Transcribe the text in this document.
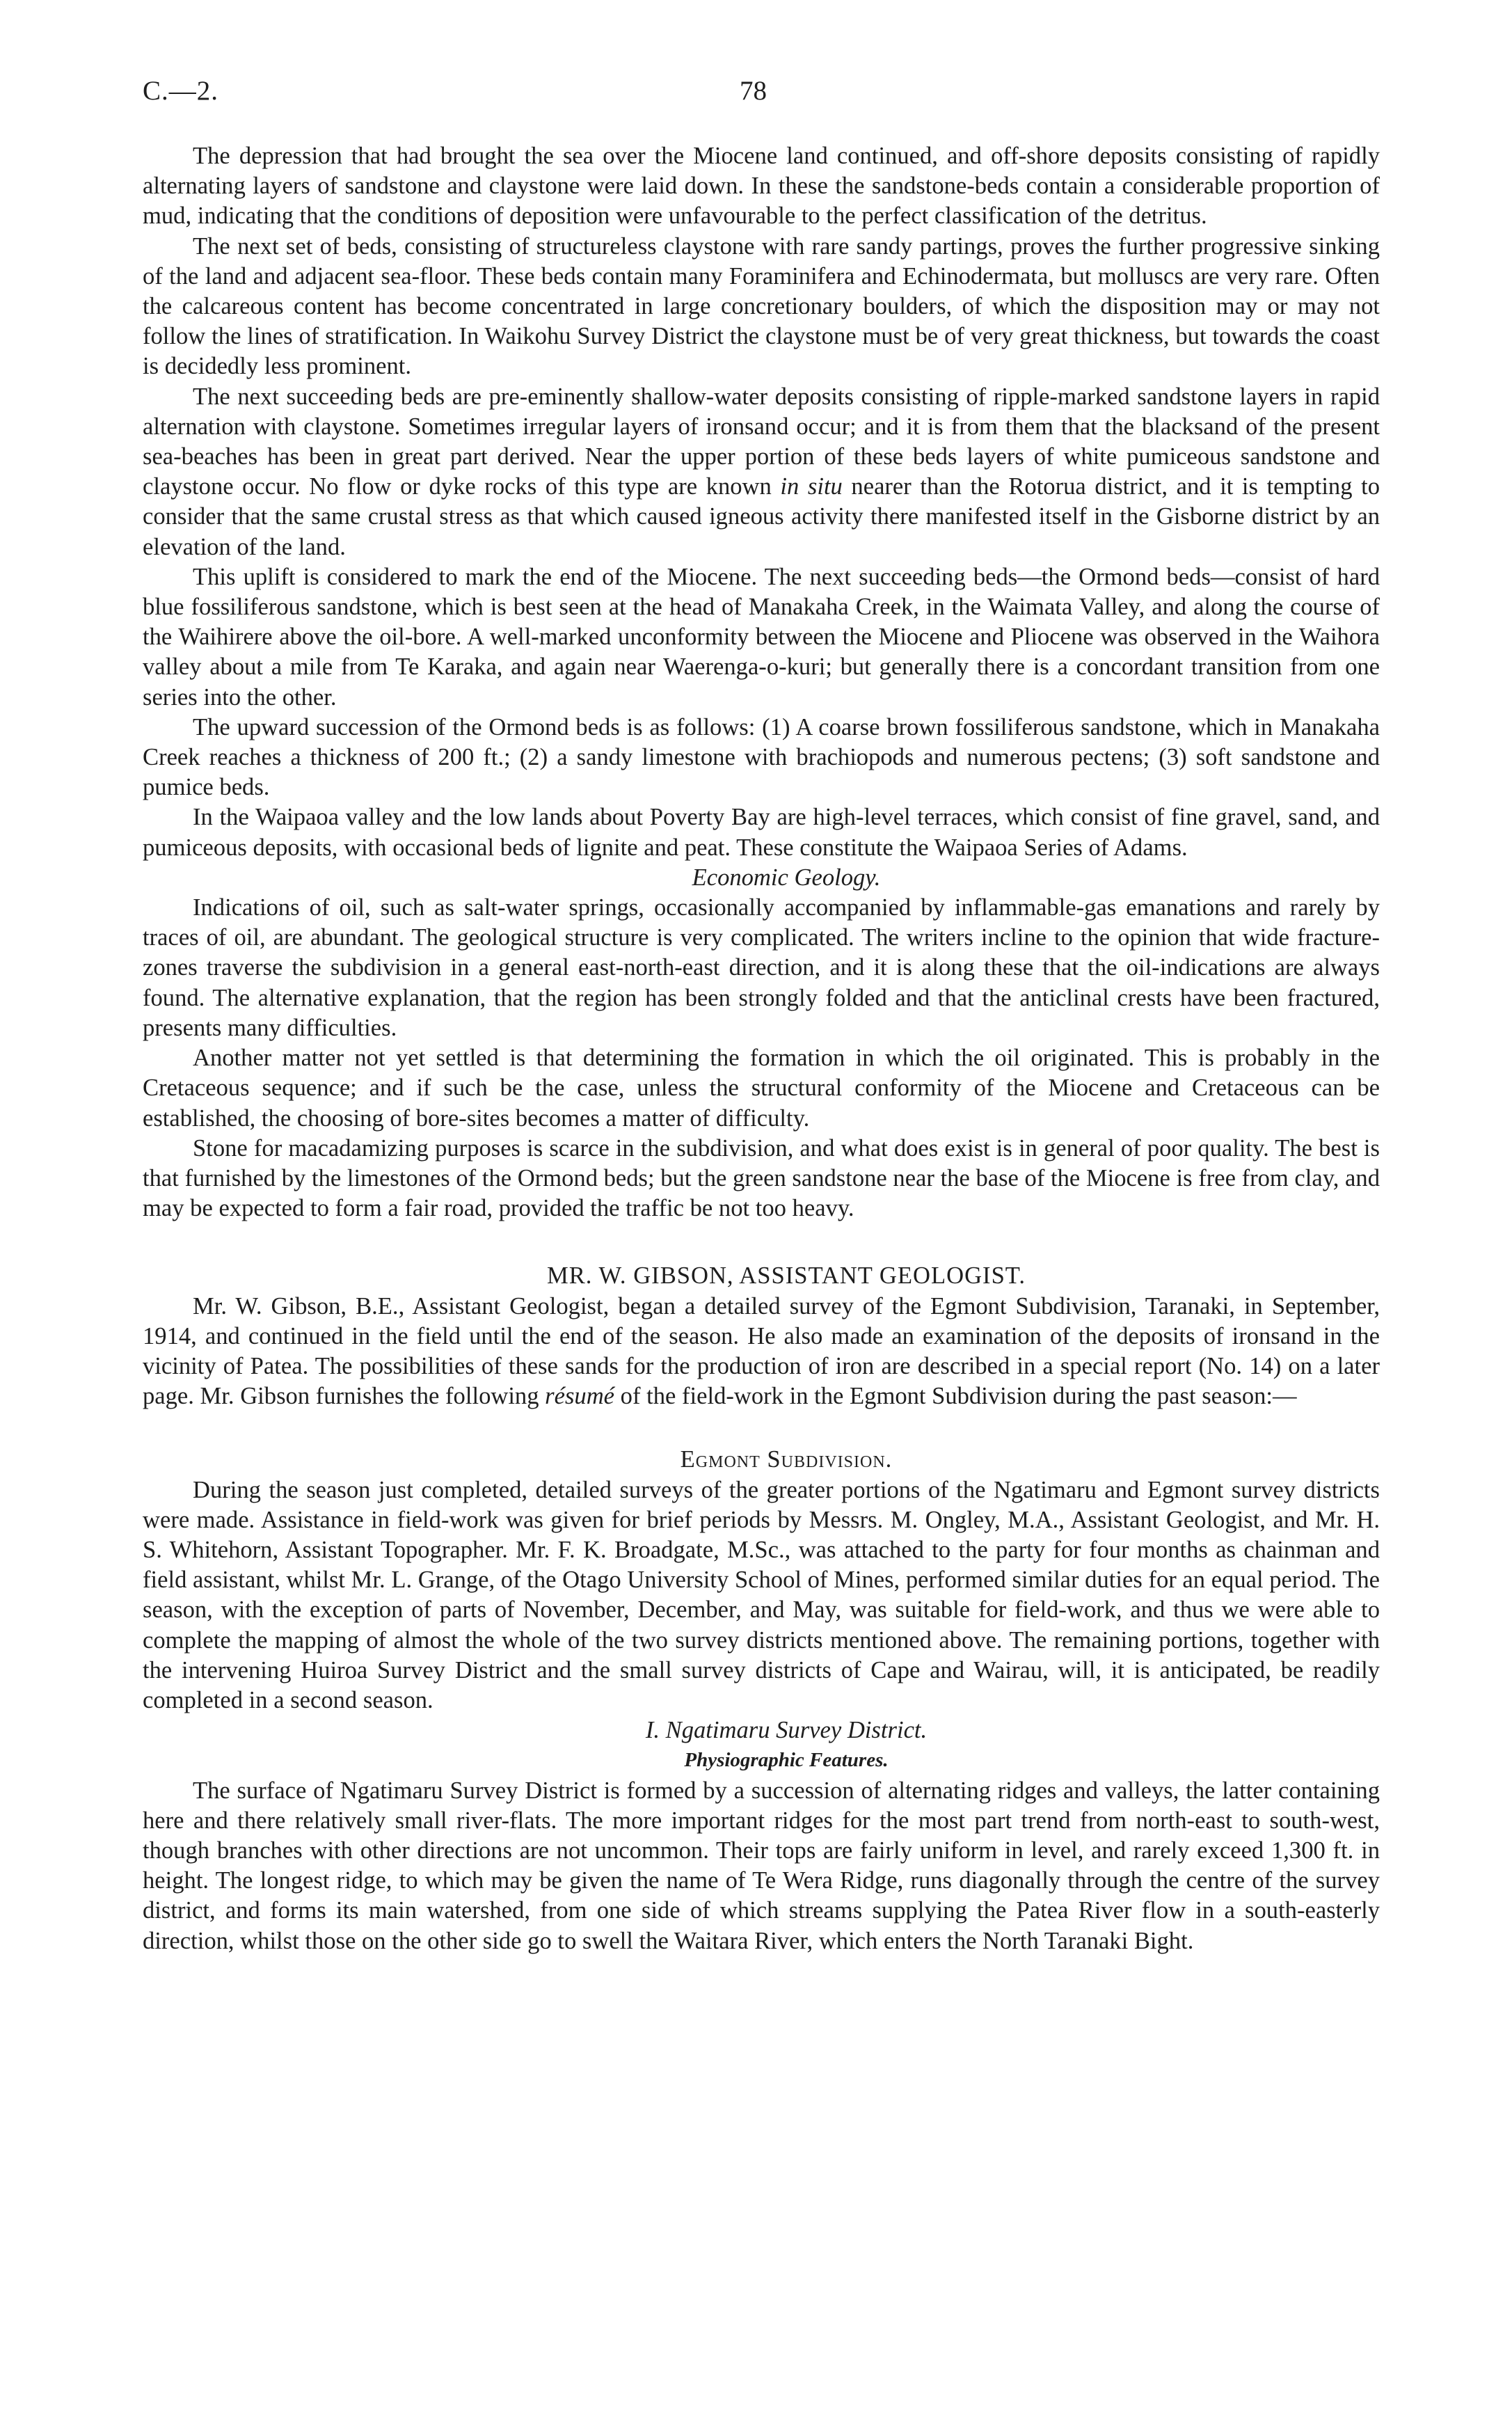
C.—2.	78

The depression that had brought the sea over the Miocene land continued, and off-shore deposits consisting of rapidly alternating layers of sandstone and claystone were laid down. In these the sandstone-beds contain a considerable proportion of mud, indicating that the conditions of deposition were unfavourable to the perfect classification of the detritus.

The next set of beds, consisting of structureless claystone with rare sandy partings, proves the further progressive sinking of the land and adjacent sea-floor. These beds contain many Foraminifera and Echinodermata, but molluscs are very rare. Often the calcareous content has become concentrated in large concretionary boulders, of which the disposition may or may not follow the lines of stratification. In Waikohu Survey District the claystone must be of very great thickness, but towards the coast is decidedly less prominent.

The next succeeding beds are pre-eminently shallow-water deposits consisting of ripple-marked sandstone layers in rapid alternation with claystone. Sometimes irregular layers of ironsand occur; and it is from them that the blacksand of the present sea-beaches has been in great part derived. Near the upper portion of these beds layers of white pumiceous sandstone and claystone occur. No flow or dyke rocks of this type are known in situ nearer than the Rotorua district, and it is tempting to consider that the same crustal stress as that which caused igneous activity there manifested itself in the Gisborne district by an elevation of the land.

This uplift is considered to mark the end of the Miocene. The next succeeding beds—the Ormond beds—consist of hard blue fossiliferous sandstone, which is best seen at the head of Manakaha Creek, in the Waimata Valley, and along the course of the Waihirere above the oil-bore. A well-marked unconformity between the Miocene and Pliocene was observed in the Waihora valley about a mile from Te Karaka, and again near Waerenga-o-kuri; but generally there is a concordant transition from one series into the other.

The upward succession of the Ormond beds is as follows: (1) A coarse brown fossiliferous sandstone, which in Manakaha Creek reaches a thickness of 200 ft.; (2) a sandy limestone with brachiopods and numerous pectens; (3) soft sandstone and pumice beds.

In the Waipaoa valley and the low lands about Poverty Bay are high-level terraces, which consist of fine gravel, sand, and pumiceous deposits, with occasional beds of lignite and peat. These constitute the Waipaoa Series of Adams.

Economic Geology.

Indications of oil, such as salt-water springs, occasionally accompanied by inflammable-gas emanations and rarely by traces of oil, are abundant. The geological structure is very complicated. The writers incline to the opinion that wide fracture-zones traverse the subdivision in a general east-north-east direction, and it is along these that the oil-indications are always found. The alternative explanation, that the region has been strongly folded and that the anticlinal crests have been fractured, presents many difficulties.

Another matter not yet settled is that determining the formation in which the oil originated. This is probably in the Cretaceous sequence; and if such be the case, unless the structural conformity of the Miocene and Cretaceous can be established, the choosing of bore-sites becomes a matter of difficulty.

Stone for macadamizing purposes is scarce in the subdivision, and what does exist is in general of poor quality. The best is that furnished by the limestones of the Ormond beds; but the green sandstone near the base of the Miocene is free from clay, and may be expected to form a fair road, provided the traffic be not too heavy.

MR. W. GIBSON, ASSISTANT GEOLOGIST.

Mr. W. Gibson, B.E., Assistant Geologist, began a detailed survey of the Egmont Subdivision, Taranaki, in September, 1914, and continued in the field until the end of the season. He also made an examination of the deposits of ironsand in the vicinity of Patea. The possibilities of these sands for the production of iron are described in a special report (No. 14) on a later page. Mr. Gibson furnishes the following résumé of the field-work in the Egmont Subdivision during the past season:—

Egmont Subdivision.

During the season just completed, detailed surveys of the greater portions of the Ngatimaru and Egmont survey districts were made. Assistance in field-work was given for brief periods by Messrs. M. Ongley, M.A., Assistant Geologist, and Mr. H. S. Whitehorn, Assistant Topographer. Mr. F. K. Broadgate, M.Sc., was attached to the party for four months as chainman and field assistant, whilst Mr. L. Grange, of the Otago University School of Mines, performed similar duties for an equal period. The season, with the exception of parts of November, December, and May, was suitable for field-work, and thus we were able to complete the mapping of almost the whole of the two survey districts mentioned above. The remaining portions, together with the intervening Huiroa Survey District and the small survey districts of Cape and Wairau, will, it is anticipated, be readily completed in a second season.

I. Ngatimaru Survey District.

Physiographic Features.

The surface of Ngatimaru Survey District is formed by a succession of alternating ridges and valleys, the latter containing here and there relatively small river-flats. The more important ridges for the most part trend from north-east to south-west, though branches with other directions are not uncommon. Their tops are fairly uniform in level, and rarely exceed 1,300 ft. in height. The longest ridge, to which may be given the name of Te Wera Ridge, runs diagonally through the centre of the survey district, and forms its main watershed, from one side of which streams supplying the Patea River flow in a south-easterly direction, whilst those on the other side go to swell the Waitara River, which enters the North Taranaki Bight.
